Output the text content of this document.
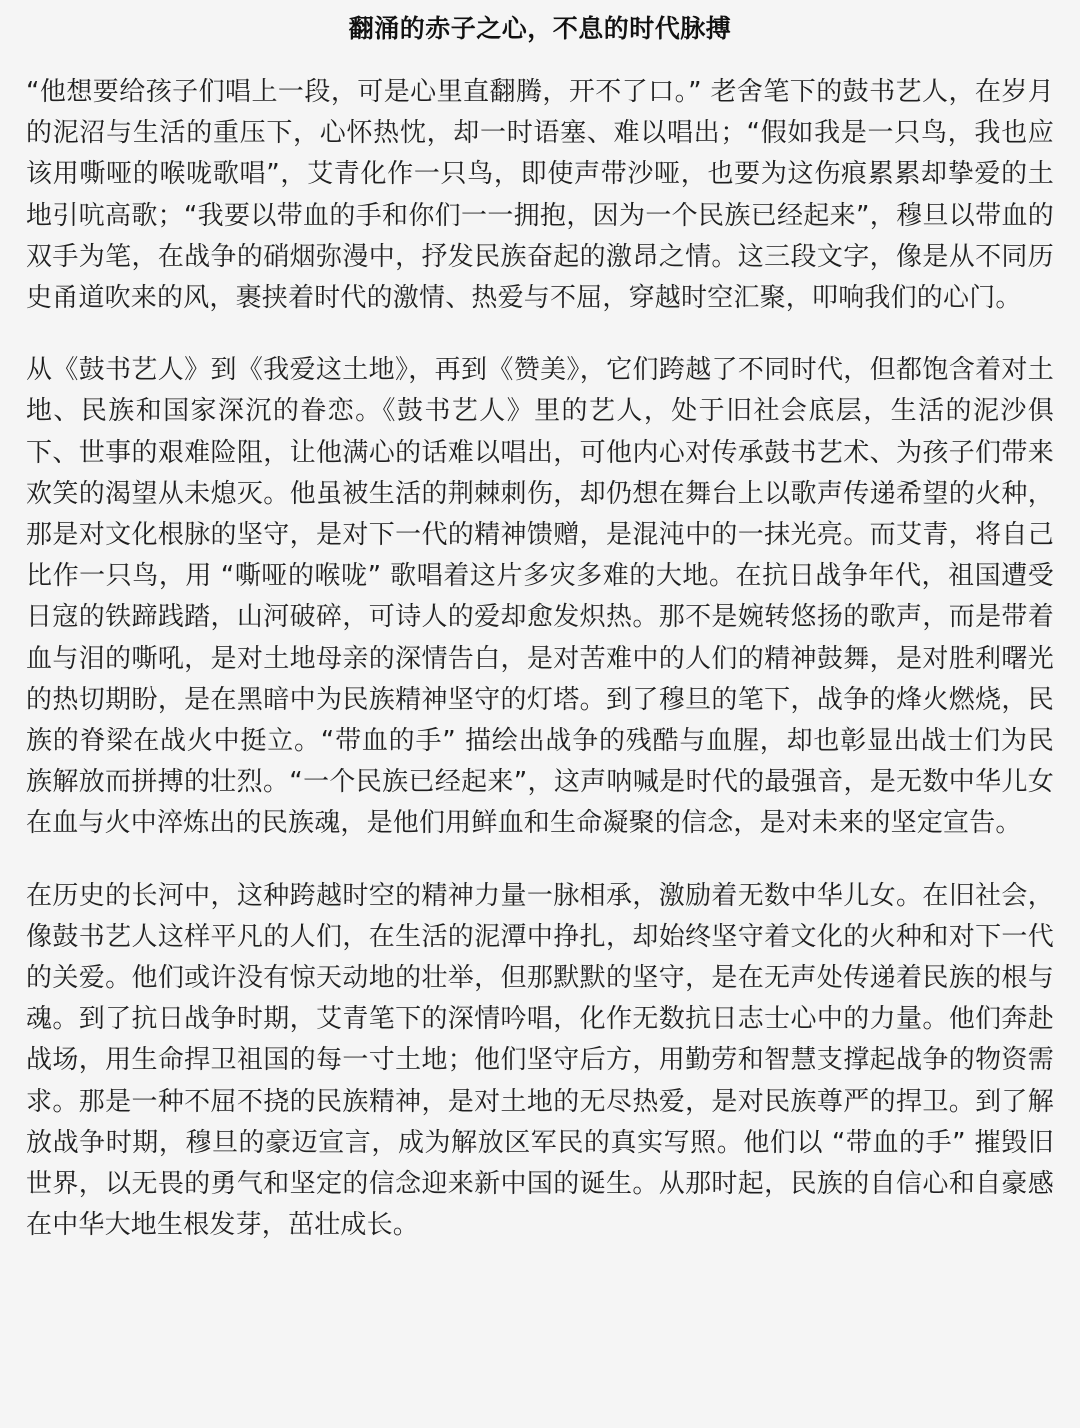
翻涌的赤子之心，不息的时代脉搏

“他想要给孩子们唱上一段，可是心里直翻腾，开不了口。” 老舍笔下的鼓书艺人，在岁月的泥沼与生活的重压下，心怀热忱，却一时语塞、难以唱出；“假如我是一只鸟，我也应该用嘶哑的喉咙歌唱”，艾青化作一只鸟，即使声带沙哑，也要为这伤痕累累却挚爱的土地引吭高歌；“我要以带血的手和你们一一拥抱，因为一个民族已经起来”，穆旦以带血的双手为笔，在战争的硝烟弥漫中，抒发民族奋起的激昂之情。这三段文字，像是从不同历史甬道吹来的风，裹挟着时代的激情、热爱与不屈，穿越时空汇聚，叩响我们的心门。

从《鼓书艺人》到《我爱这土地》，再到《赞美》，它们跨越了不同时代，但都饱含着对土地、民族和国家深沉的眷恋。《鼓书艺人》里的艺人，处于旧社会底层，生活的泥沙俱下、世事的艰难险阻，让他满心的话难以唱出，可他内心对传承鼓书艺术、为孩子们带来欢笑的渴望从未熄灭。他虽被生活的荆棘刺伤，却仍想在舞台上以歌声传递希望的火种，那是对文化根脉的坚守，是对下一代的精神馈赠，是混沌中的一抹光亮。而艾青，将自己比作一只鸟，用 “嘶哑的喉咙” 歌唱着这片多灾多难的大地。在抗日战争年代，祖国遭受日寇的铁蹄践踏，山河破碎，可诗人的爱却愈发炽热。那不是婉转悠扬的歌声，而是带着血与泪的嘶吼，是对土地母亲的深情告白，是对苦难中的人们的精神鼓舞，是对胜利曙光的热切期盼，是在黑暗中为民族精神坚守的灯塔。到了穆旦的笔下，战争的烽火燃烧，民族的脊梁在战火中挺立。“带血的手” 描绘出战争的残酷与血腥，却也彰显出战士们为民族解放而拼搏的壮烈。“一个民族已经起来”，这声呐喊是时代的最强音，是无数中华儿女在血与火中淬炼出的民族魂，是他们用鲜血和生命凝聚的信念，是对未来的坚定宣告。

在历史的长河中，这种跨越时空的精神力量一脉相承，激励着无数中华儿女。在旧社会，像鼓书艺人这样平凡的人们，在生活的泥潭中挣扎，却始终坚守着文化的火种和对下一代的关爱。他们或许没有惊天动地的壮举，但那默默的坚守，是在无声处传递着民族的根与魂。到了抗日战争时期，艾青笔下的深情吟唱，化作无数抗日志士心中的力量。他们奔赴战场，用生命捍卫祖国的每一寸土地；他们坚守后方，用勤劳和智慧支撑起战争的物资需求。那是一种不屈不挠的民族精神，是对土地的无尽热爱，是对民族尊严的捍卫。到了解放战争时期，穆旦的豪迈宣言，成为解放区军民的真实写照。他们以 “带血的手” 摧毁旧世界，以无畏的勇气和坚定的信念迎来新中国的诞生。从那时起，民族的自信心和自豪感在中华大地生根发芽，茁壮成长。
